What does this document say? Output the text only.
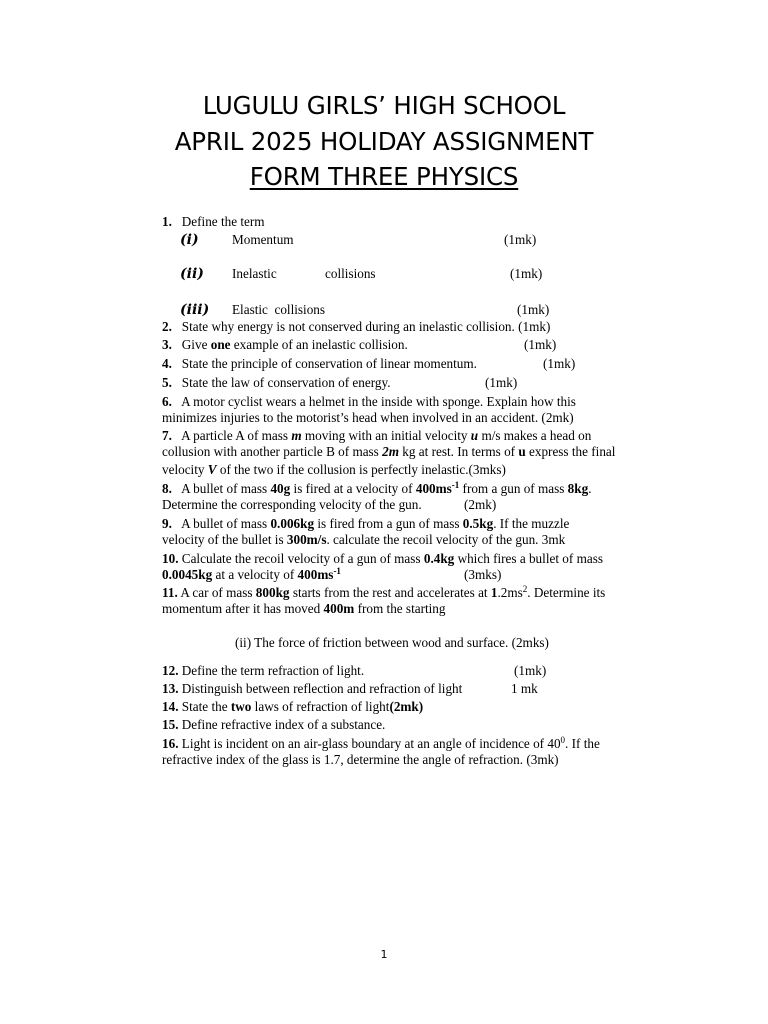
LUGULU GIRLS’ HIGH SCHOOL
APRIL 2025 HOLIDAY ASSIGNMENT
FORM THREE PHYSICS
1. Define the term
(i)	Momentum	(1mk)
(ii) Inelastic	collisions	(1mk)
(iii) Elastic  collisions	(1mk)
2. State why energy is not conserved during an inelastic collision. (1mk)
3. Give one example of an inelastic collision.	(1mk)
4. State the principle of conservation of linear momentum.	(1mk)
5. State the law of conservation of energy.	(1mk)
6. A motor cyclist wears a helmet in the inside with sponge. Explain how this
minimizes injuries to the motorist’s head when involved in an accident. (2mk)
7. A particle A of mass m moving with an initial velocity u m/s makes a head on
collusion with another particle B of mass 2m kg at rest. In terms of u express the final
velocity V of the two if the collusion is perfectly inelastic.(3mks)
8. A bullet of mass 40g is fired at a velocity of $400ms^{-1}$ from a gun of mass 8kg.
Determine the corresponding velocity of the gun.	(2mk)
9. A bullet of mass 0.006kg is fired from a gun of mass 0.5kg. If the muzzle
velocity of the bullet is 300m/s. calculate the recoil velocity of the gun. 3mk
10. Calculate the recoil velocity of a gun of mass 0.4kg which fires a bullet of mass
0.0045kg at a velocity of $400ms^{-1}$	(3mks)
11. A car of mass 800kg starts from the rest and accelerates at $1.2ms^2$. Determine its
momentum after it has moved 400m from the starting
(ii) The force of friction between wood and surface. (2mks)
12. Define the term refraction of light.	(1mk)
13. Distinguish between reflection and refraction of light	1 mk
14. State the two laws of refraction of light(2mk)
15. Define refractive index of a substance.
16. Light is incident on an air-glass boundary at an angle of incidence of $40^0$. If the
refractive index of the glass is 1.7, determine the angle of refraction. (3mk)
1
